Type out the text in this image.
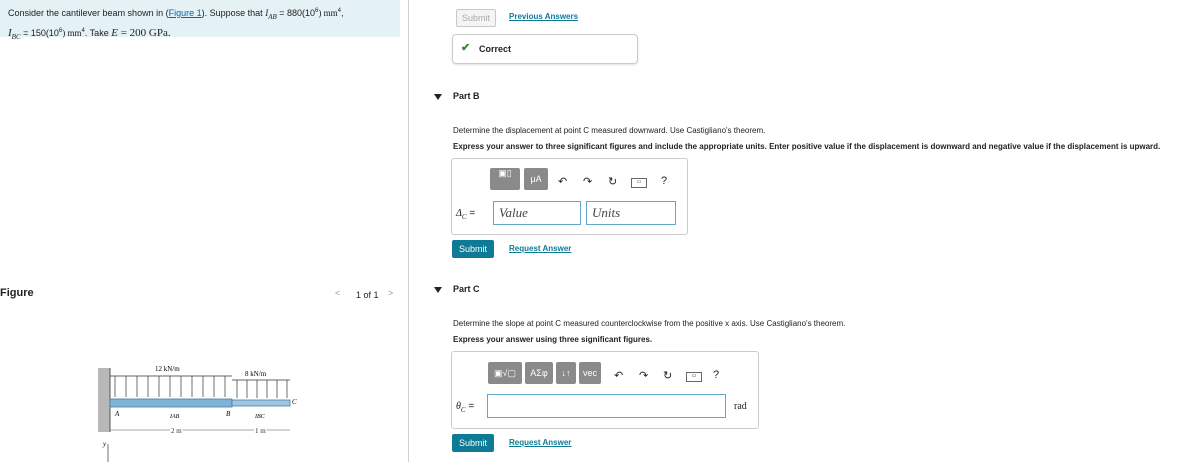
Consider the cantilever beam shown in (Figure 1). Suppose that $I_{AB} = 880(10^6)$ $mm^4$,
$I_{BC} = 150(10^6)$ $mm^4$. Take E = 200 GPa.
Figure	< 1 of 1 >
12 kN/m
8 kN/m
A	B
C
IAB	IBC
2 m	1 m
y
Submit	Previous Answers
✔ Correct
Part B
Determine the displacement at point C measured downward. Use Castigliano's theorem.
Express your answer to three significant figures and include the appropriate units. Enter positive value if the displacement is downward and negative value if the displacement is upward.
▣▯
μA	↶ ↷ ↻	▭	?
$\Delta_C$ = Value	Units
Submit	Request Answer
Part C
Determine the slope at point C measured counterclockwise from the positive x axis. Use Castigliano's theorem.
Express your answer using three significant figures.
▣√▢	ΑΣφ	↓↑	vec	↶ ↷ ↻	▭	?
$\theta_C$ =	rad
Submit	Request Answer
